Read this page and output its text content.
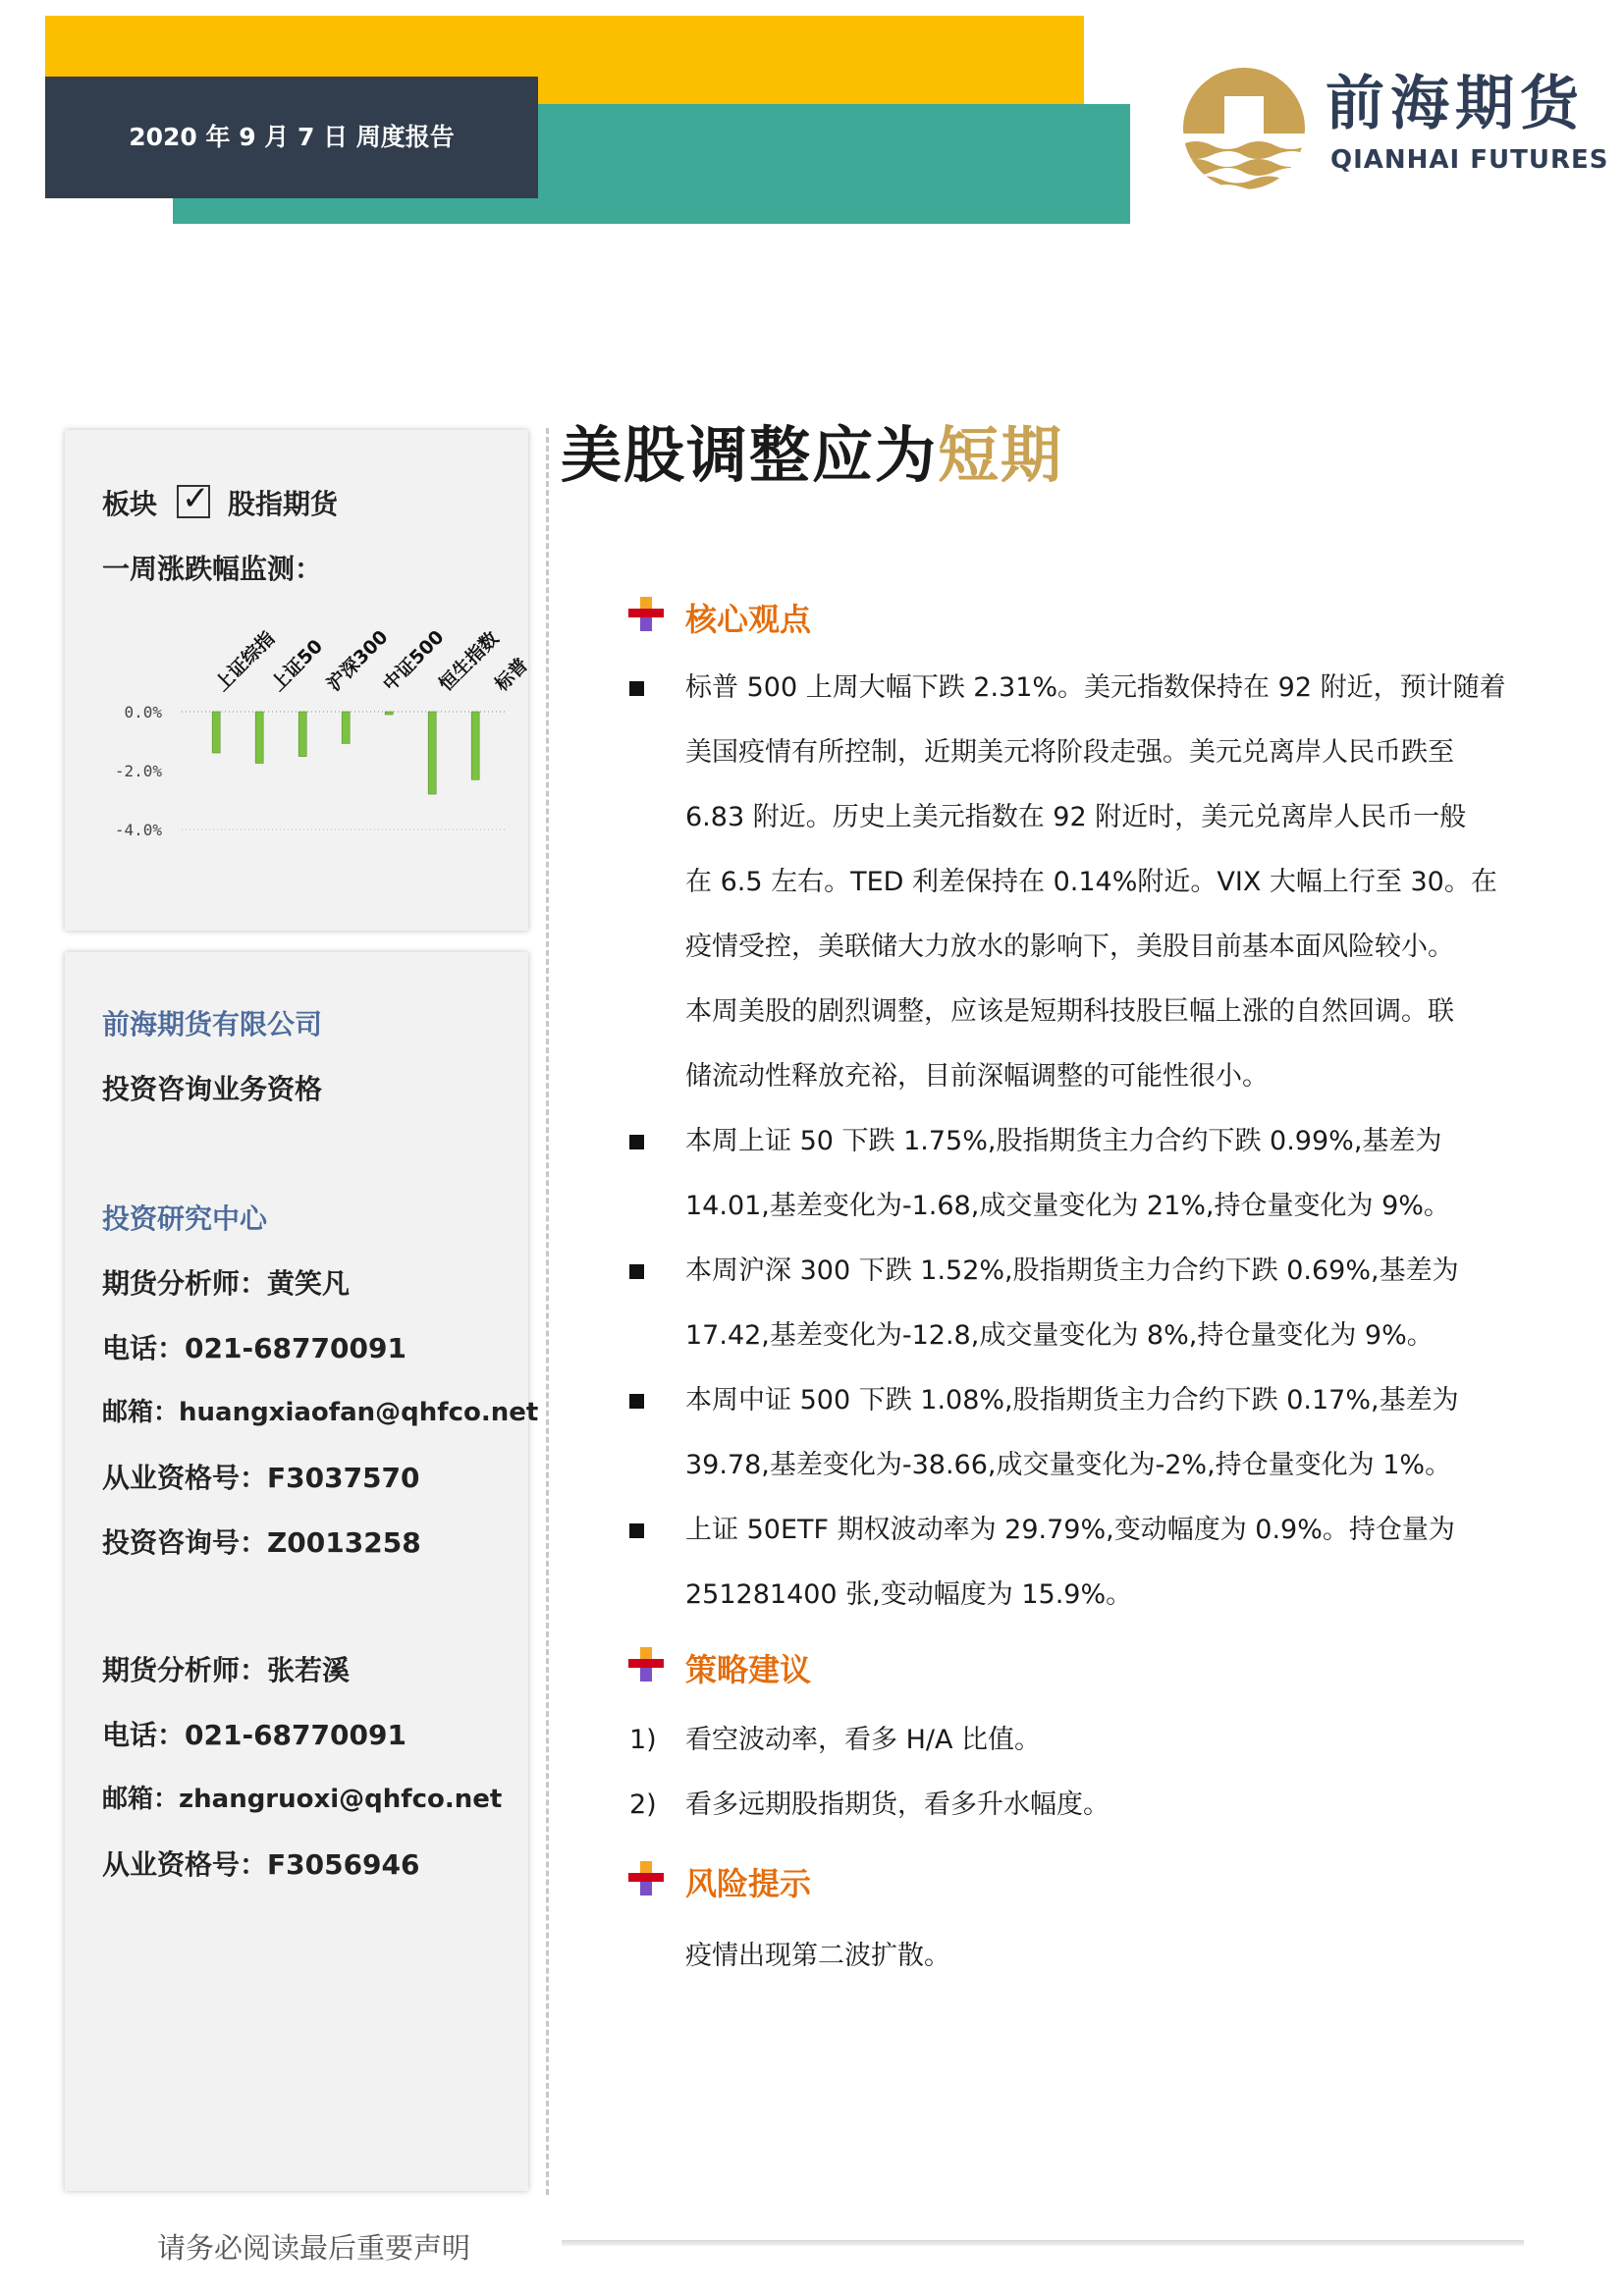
2020 年 9 月 7 日 周度报告	前海期货
QIANHAI FUTURES
板块 ✓ 股指期货
一周涨跌幅监测：
0.0%
-2.0%
-4.0%
上证综指
上证50
沪深300
中证500
恒生指数
标普
前海期货有限公司
投资咨询业务资格
投资研究中心
期货分析师：黄笑凡
电话：021-68770091
邮箱：huangxiaofan@qhfco.net
从业资格号：F3037570
投资咨询号：Z0013258
期货分析师：张若溪
电话：021-68770091
邮箱：zhangruoxi@qhfco.net
从业资格号：F3056946
美股调整应为短期
核心观点
标普 500 上周大幅下跌 2.31%。美元指数保持在 92 附近，预计随着
美国疫情有所控制，近期美元将阶段走强。美元兑离岸人民币跌至
6.83 附近。历史上美元指数在 92 附近时，美元兑离岸人民币一般
在 6.5 左右。TED 利差保持在 0.14%附近。VIX 大幅上行至 30。在
疫情受控，美联储大力放水的影响下，美股目前基本面风险较小。
本周美股的剧烈调整，应该是短期科技股巨幅上涨的自然回调。联
储流动性释放充裕，目前深幅调整的可能性很小。
本周上证 50 下跌 1.75%,股指期货主力合约下跌 0.99%,基差为
14.01,基差变化为-1.68,成交量变化为 21%,持仓量变化为 9%。
本周沪深 300 下跌 1.52%,股指期货主力合约下跌 0.69%,基差为
17.42,基差变化为-12.8,成交量变化为 8%,持仓量变化为 9%。
本周中证 500 下跌 1.08%,股指期货主力合约下跌 0.17%,基差为
39.78,基差变化为-38.66,成交量变化为-2%,持仓量变化为 1%。
上证 50ETF 期权波动率为 29.79%,变动幅度为 0.9%。持仓量为
251281400 张,变动幅度为 15.9%。
策略建议
1)	看空波动率，看多 H/A 比值。
2)	看多远期股指期货，看多升水幅度。
风险提示
疫情出现第二波扩散。
请务必阅读最后重要声明
